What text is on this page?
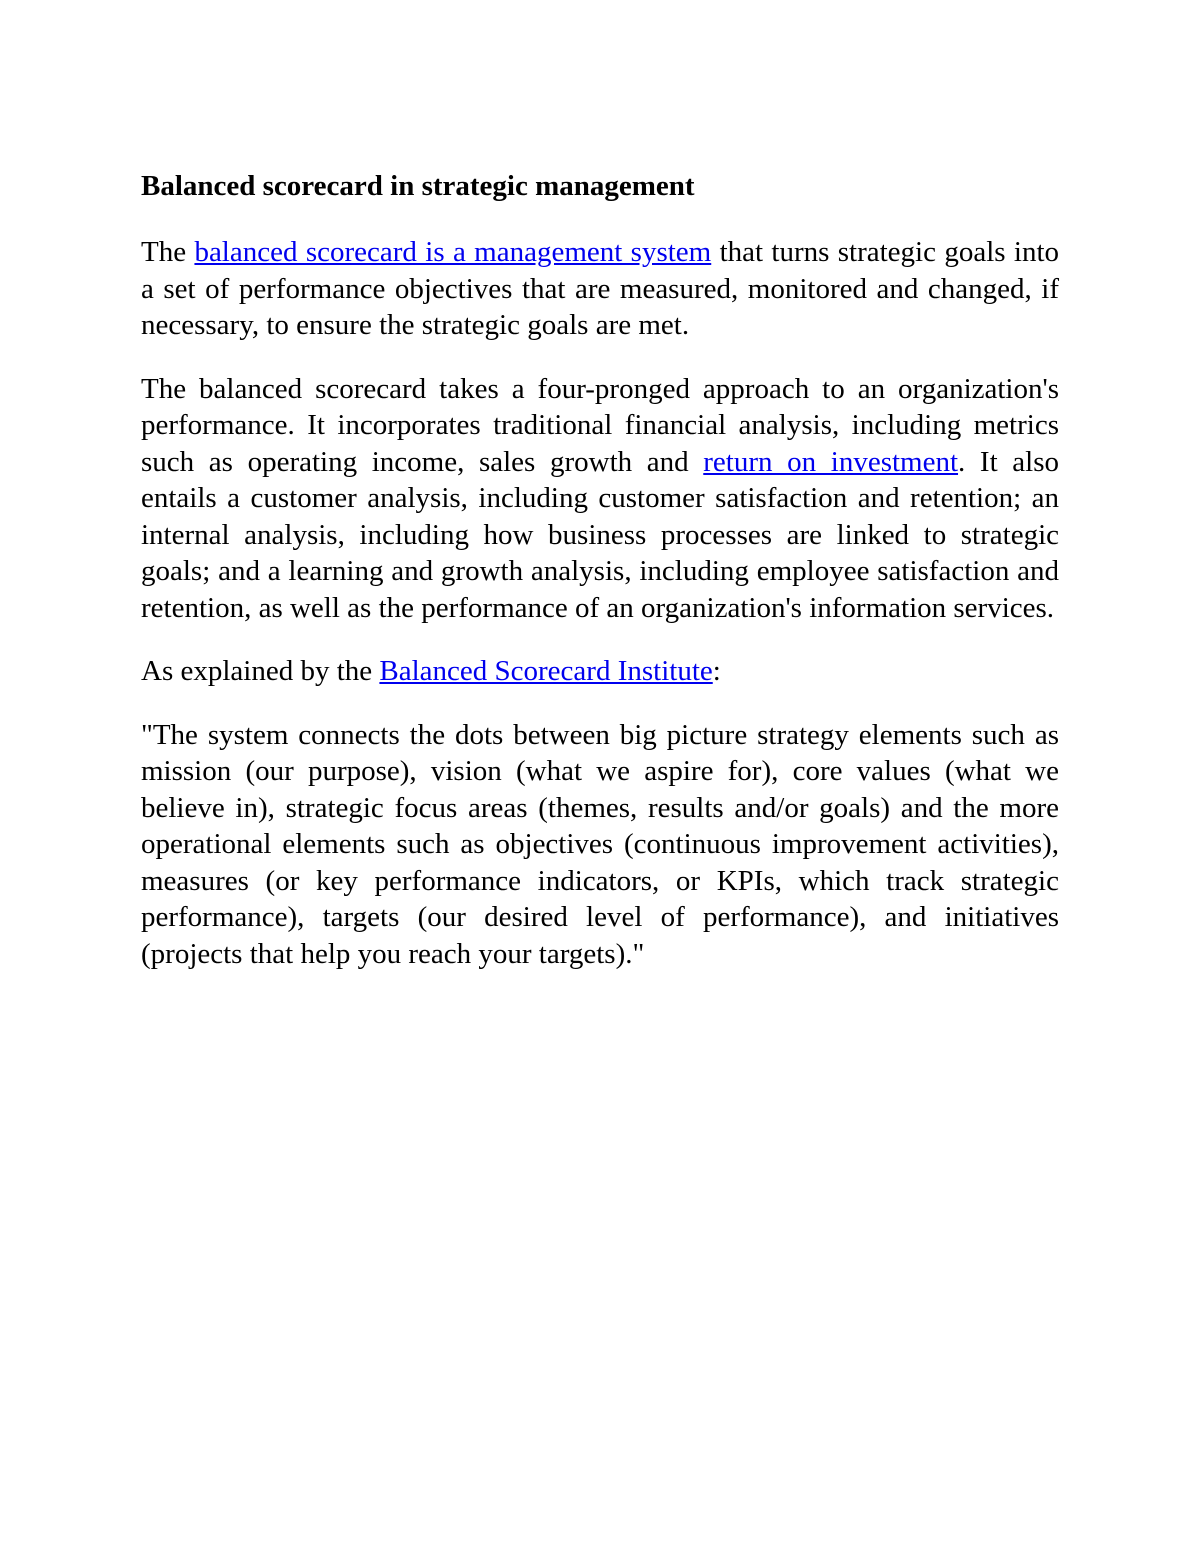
Balanced scorecard in strategic management

The balanced scorecard is a management system that turns strategic goals into a set of performance objectives that are measured, monitored and changed, if necessary, to ensure the strategic goals are met.

The balanced scorecard takes a four-pronged approach to an organization's performance. It incorporates traditional financial analysis, including metrics such as operating income, sales growth and return on investment. It also entails a customer analysis, including customer satisfaction and retention; an internal analysis, including how business processes are linked to strategic goals; and a learning and growth analysis, including employee satisfaction and retention, as well as the performance of an organization's information services.

As explained by the Balanced Scorecard Institute:

"The system connects the dots between big picture strategy elements such as mission (our purpose), vision (what we aspire for), core values (what we believe in), strategic focus areas (themes, results and/or goals) and the more operational elements such as objectives (continuous improvement activities), measures (or key performance indicators, or KPIs, which track strategic performance), targets (our desired level of performance), and initiatives (projects that help you reach your targets)."
